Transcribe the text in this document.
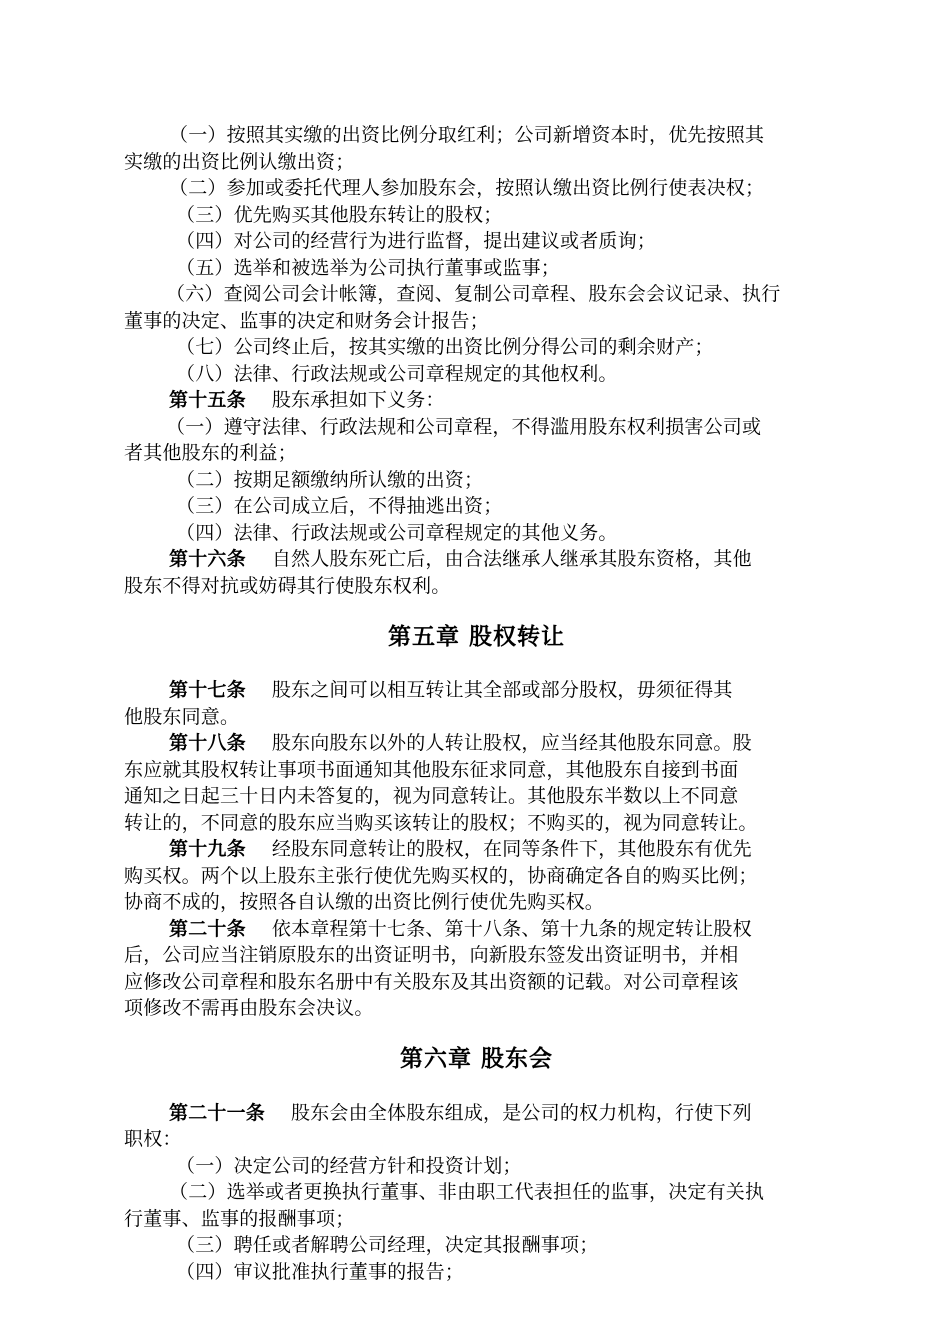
（一）按照其实缴的出资比例分取红利；公司新增资本时，优先按照其
实缴的出资比例认缴出资；
（二）参加或委托代理人参加股东会，按照认缴出资比例行使表决权；
（三）优先购买其他股东转让的股权；
（四）对公司的经营行为进行监督，提出建议或者质询；
（五）选举和被选举为公司执行董事或监事；
（六）查阅公司会计帐簿，查阅、复制公司章程、股东会会议记录、执行
董事的决定、监事的决定和财务会计报告；
（七）公司终止后，按其实缴的出资比例分得公司的剩余财产；
（八）法律、行政法规或公司章程规定的其他权利。
第十五条 股东承担如下义务：
（一）遵守法律、行政法规和公司章程，不得滥用股东权利损害公司或
者其他股东的利益；
（二）按期足额缴纳所认缴的出资；
（三）在公司成立后，不得抽逃出资；
（四）法律、行政法规或公司章程规定的其他义务。
第十六条 自然人股东死亡后，由合法继承人继承其股东资格，其他
股东不得对抗或妨碍其行使股东权利。
第五章 股权转让
第十七条 股东之间可以相互转让其全部或部分股权，毋须征得其
他股东同意。
第十八条 股东向股东以外的人转让股权，应当经其他股东同意。股
东应就其股权转让事项书面通知其他股东征求同意，其他股东自接到书面
通知之日起三十日内未答复的，视为同意转让。其他股东半数以上不同意
转让的，不同意的股东应当购买该转让的股权；不购买的，视为同意转让。
第十九条 经股东同意转让的股权，在同等条件下，其他股东有优先
购买权。两个以上股东主张行使优先购买权的，协商确定各自的购买比例；
协商不成的，按照各自认缴的出资比例行使优先购买权。
第二十条 依本章程第十七条、第十八条、第十九条的规定转让股权
后，公司应当注销原股东的出资证明书，向新股东签发出资证明书，并相
应修改公司章程和股东名册中有关股东及其出资额的记载。对公司章程该
项修改不需再由股东会决议。
第六章 股东会
第二十一条 股东会由全体股东组成，是公司的权力机构，行使下列
职权：
（一）决定公司的经营方针和投资计划；
（二）选举或者更换执行董事、非由职工代表担任的监事，决定有关执
行董事、监事的报酬事项；
（三）聘任或者解聘公司经理，决定其报酬事项；
（四）审议批准执行董事的报告；
